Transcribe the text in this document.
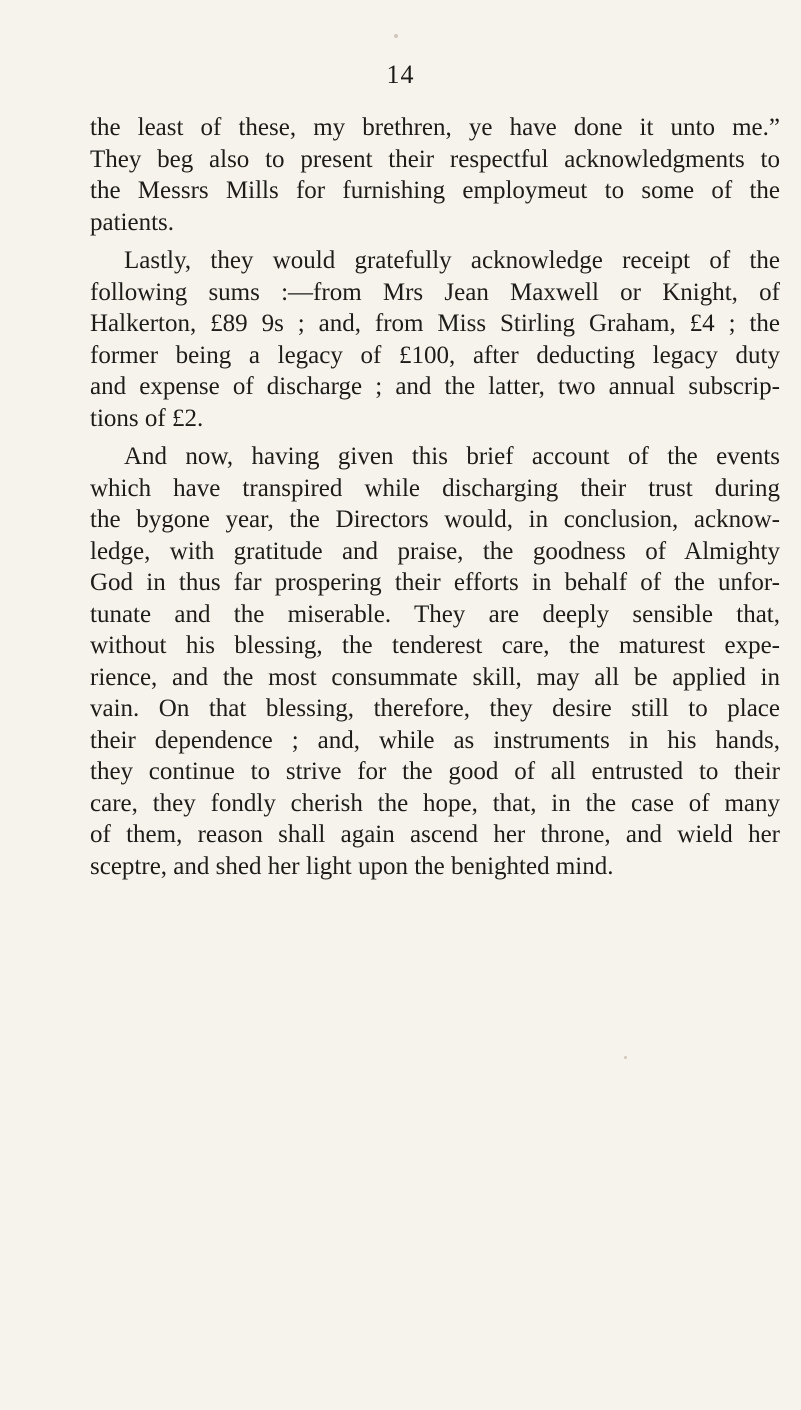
14
the least of these, my brethren, ye have done it unto me.”
They beg also to present their respectful acknowledgments to
the Messrs Mills for furnishing employmeut to some of the
patients.
Lastly, they would gratefully acknowledge receipt of the
following sums :—from Mrs Jean Maxwell or Knight, of
Halkerton, £89 9s ; and, from Miss Stirling Graham, £4 ; the
former being a legacy of £100, after deducting legacy duty
and expense of discharge ; and the latter, two annual subscrip-
tions of £2.
And now, having given this brief account of the events
which have transpired while discharging their trust during
the bygone year, the Directors would, in conclusion, acknow-
ledge, with gratitude and praise, the goodness of Almighty
God in thus far prospering their efforts in behalf of the unfor-
tunate and the miserable. They are deeply sensible that,
without his blessing, the tenderest care, the maturest expe-
rience, and the most consummate skill, may all be applied in
vain. On that blessing, therefore, they desire still to place
their dependence ; and, while as instruments in his hands,
they continue to strive for the good of all entrusted to their
care, they fondly cherish the hope, that, in the case of many
of them, reason shall again ascend her throne, and wield her
sceptre, and shed her light upon the benighted mind.
